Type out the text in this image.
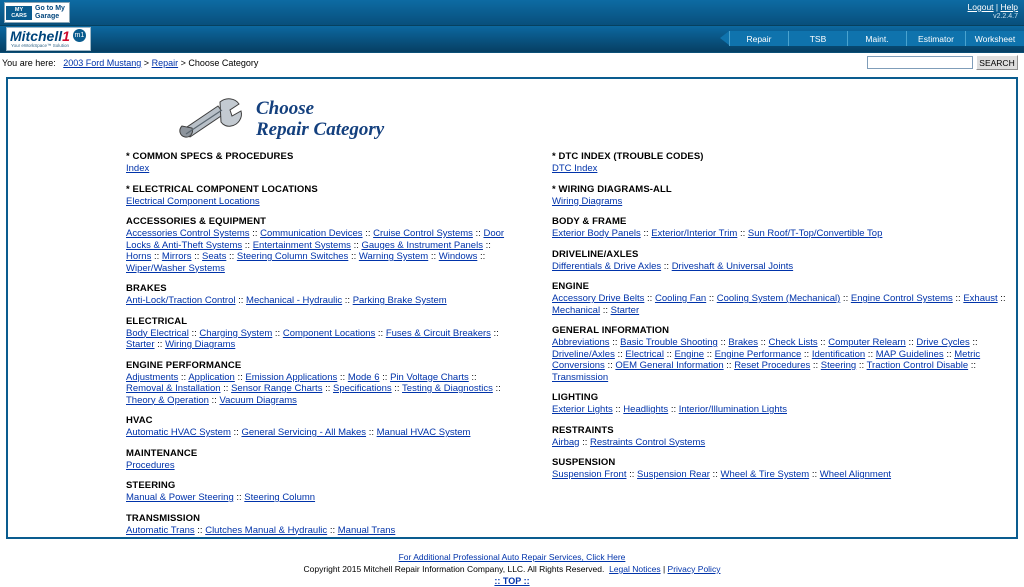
MY CARS
Go to My
Garage
Logout | Help
v2.2.4.7
Mitchell 1 m1
Your eWorkSpace™ Solution
Repair	TSB	Maint.	Estimator	Worksheet
You are here: 2003 Ford Mustang > Repair > Choose Category	SEARCH
Choose
Repair Category
* COMMON SPECS & PROCEDURES
Index
* ELECTRICAL COMPONENT LOCATIONS
Electrical Component Locations
ACCESSORIES & EQUIPMENT
Accessories Control Systems :: Communication Devices :: Cruise Control Systems :: Door Locks & Anti-Theft Systems :: Entertainment Systems :: Gauges & Instrument Panels :: Horns :: Mirrors :: Seats :: Steering Column Switches :: Warning System :: Windows :: Wiper/Washer Systems
BRAKES
Anti-Lock/Traction Control :: Mechanical - Hydraulic :: Parking Brake System
ELECTRICAL
Body Electrical :: Charging System :: Component Locations :: Fuses & Circuit Breakers :: Starter :: Wiring Diagrams
ENGINE PERFORMANCE
Adjustments :: Application :: Emission Applications :: Mode 6 :: Pin Voltage Charts :: Removal & Installation :: Sensor Range Charts :: Specifications :: Testing & Diagnostics :: Theory & Operation :: Vacuum Diagrams
HVAC
Automatic HVAC System :: General Servicing - All Makes :: Manual HVAC System
MAINTENANCE
Procedures
STEERING
Manual & Power Steering :: Steering Column
TRANSMISSION
Automatic Trans :: Clutches Manual & Hydraulic :: Manual Trans
* DTC INDEX (TROUBLE CODES)
DTC Index
* WIRING DIAGRAMS-ALL
Wiring Diagrams
BODY & FRAME
Exterior Body Panels :: Exterior/Interior Trim :: Sun Roof/T-Top/Convertible Top
DRIVELINE/AXLES
Differentials & Drive Axles :: Driveshaft & Universal Joints
ENGINE
Accessory Drive Belts :: Cooling Fan :: Cooling System (Mechanical) :: Engine Control Systems :: Exhaust :: Mechanical :: Starter
GENERAL INFORMATION
Abbreviations :: Basic Trouble Shooting :: Brakes :: Check Lists :: Computer Relearn :: Drive Cycles :: Driveline/Axles :: Electrical :: Engine :: Engine Performance :: Identification :: MAP Guidelines :: Metric Conversions :: OEM General Information :: Reset Procedures :: Steering :: Traction Control Disable :: Transmission
LIGHTING
Exterior Lights :: Headlights :: Interior/Illumination Lights
RESTRAINTS
Airbag :: Restraints Control Systems
SUSPENSION
Suspension Front :: Suspension Rear :: Wheel & Tire System :: Wheel Alignment
For Additional Professional Auto Repair Services, Click Here
Copyright 2015 Mitchell Repair Information Company, LLC. All Rights Reserved. Legal Notices | Privacy Policy
:: TOP ::
